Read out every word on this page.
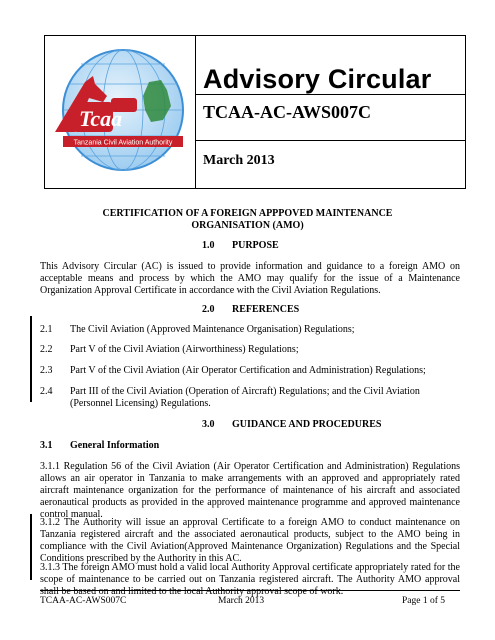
Tcaa
Tanzania Civil Aviation Authority
Advisory Circular
TCAA-AC-AWS007C
March 2013
CERTIFICATION OF A FOREIGN APPPOVED MAINTENANCE
ORGANISATION (AMO)
1.0 PURPOSE

This Advisory Circular (AC) is issued to provide information and guidance to a foreign AMO on acceptable means and process by which the AMO may qualify for the issue of a Maintenance Organization Approval Certificate in accordance with the Civil Aviation Regulations.

2.0 REFERENCES
2.1 The Civil Aviation (Approved Maintenance Organisation) Regulations;
2.2 Part V of the Civil Aviation (Airworthiness) Regulations;
2.3 Part V of the Civil Aviation (Air Operator Certification and Administration) Regulations;
2.4 Part III of the Civil Aviation (Operation of Aircraft) Regulations; and the Civil Aviation (Personnel Licensing) Regulations.
3.0 GUIDANCE AND PROCEDURES
3.1 General Information

3.1.1 Regulation 56 of the Civil Aviation (Air Operator Certification and Administration) Regulations allows an air operator in Tanzania to make arrangements with an approved and appropriately rated aircraft maintenance organization for the performance of maintenance of his aircraft and associated aeronautical products as provided in the approved maintenance programme and approved maintenance control manual.

3.1.2 The Authority will issue an approval Certificate to a foreign AMO to conduct maintenance on Tanzania registered aircraft and the associated aeronautical products, subject to the AMO being in compliance with the Civil Aviation(Approved Maintenance Organization) Regulations and the Special Conditions prescribed by the Authority in this AC.

3.1.3 The foreign AMO must hold a valid local Authority Approval certificate appropriately rated for the scope of maintenance to be carried out on Tanzania registered aircraft. The Authority AMO approval shall be based on and limited to the local Authority approval scope of work.

TCAA-AC-AWS007C	March 2013	Page 1 of 5
